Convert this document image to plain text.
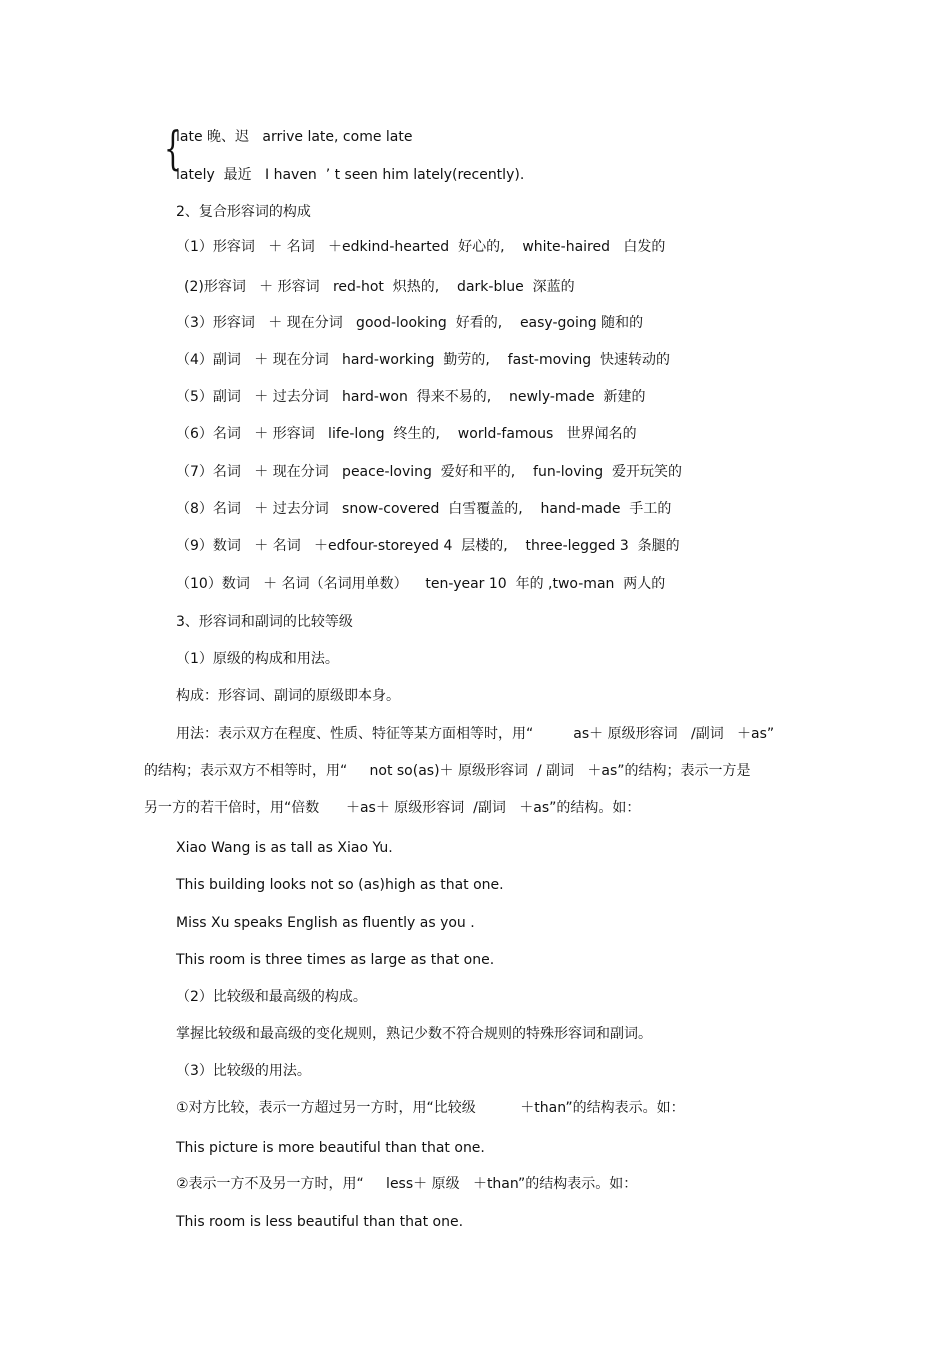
{
late 晚、迟   arrive late, come late
lately  最近   I haven  ’ t seen him lately(recently).
2、复合形容词的构成
（1）形容词   ＋ 名词   ＋edkind-hearted  好心的,    white-haired   白发的
(2)形容词   ＋ 形容词   red-hot  炽热的,    dark-blue  深蓝的
（3）形容词   ＋ 现在分词   good-looking  好看的,    easy-going 随和的
（4）副词   ＋ 现在分词   hard-working  勤劳的,    fast-moving  快速转动的
（5）副词   ＋ 过去分词   hard-won  得来不易的,    newly-made  新建的
（6）名词   ＋ 形容词   life-long  终生的,    world-famous   世界闻名的
（7）名词   ＋ 现在分词   peace-loving  爱好和平的,    fun-loving  爱开玩笑的
（8）名词   ＋ 过去分词   snow-covered  白雪覆盖的,    hand-made  手工的
（9）数词   ＋ 名词   ＋edfour-storeyed 4  层楼的,    three-legged 3  条腿的
（10）数词   ＋ 名词（名词用单数）    ten-year 10  年的 ,two-man  两人的
3、形容词和副词的比较等级
（1）原级的构成和用法。
构成：形容词、副词的原级即本身。
用法：表示双方在程度、性质、特征等某方面相等时，用“         as＋ 原级形容词   /副词   ＋as”
的结构；表示双方不相等时，用“     not so(as)＋ 原级形容词  / 副词   ＋as”的结构；表示一方是
另一方的若干倍时，用“倍数      ＋as＋ 原级形容词  /副词   ＋as”的结构。如：
Xiao Wang is as tall as Xiao Yu.
This building looks not so (as)high as that one.
Miss Xu speaks English as fluently as you .
This room is three times as large as that one.
（2）比较级和最高级的构成。
掌握比较级和最高级的变化规则，熟记少数不符合规则的特殊形容词和副词。
（3）比较级的用法。
①对方比较，表示一方超过另一方时，用“比较级          ＋than”的结构表示。如：
This picture is more beautiful than that one.
②表示一方不及另一方时，用“     less＋ 原级   ＋than”的结构表示。如：
This room is less beautiful than that one.
